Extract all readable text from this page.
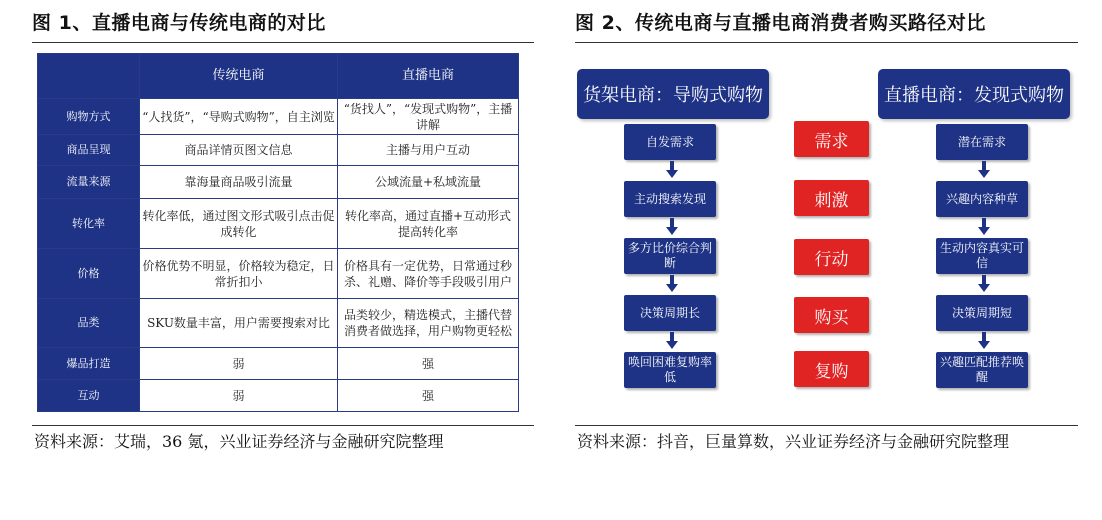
图 1、直播电商与传统电商的对比
	传统电商	直播电商
购物方式	“人找货”，“导购式购物”，自主浏览	“货找人”，“发现式购物”，主播讲解
商品呈现	商品详情页图文信息	主播与用户互动
流量来源	靠海量商品吸引流量	公域流量+私域流量
转化率	转化率低，通过图文形式吸引点击促成转化	转化率高，通过直播+互动形式提高转化率
价格	价格优势不明显，价格较为稳定，日常折扣小	价格具有一定优势，日常通过秒杀、礼赠、降价等手段吸引用户
品类	SKU数量丰富，用户需要搜索对比	品类较少，精选模式，主播代替消费者做选择，用户购物更轻松
爆品打造	弱	强
互动	弱	强
资料来源：艾瑞，36 氪，兴业证券经济与金融研究院整理
图 2、传统电商与直播电商消费者购买路径对比
货架电商：导购式购物	直播电商：发现式购物
自发需求
主动搜索发现
多方比价综合判断
决策周期长
唤回困难复购率低
需求
刺激
行动
购买
复购
潜在需求
兴趣内容种草
生动内容真实可信
决策周期短
兴趣匹配推荐唤醒
资料来源：抖音，巨量算数，兴业证券经济与金融研究院整理
